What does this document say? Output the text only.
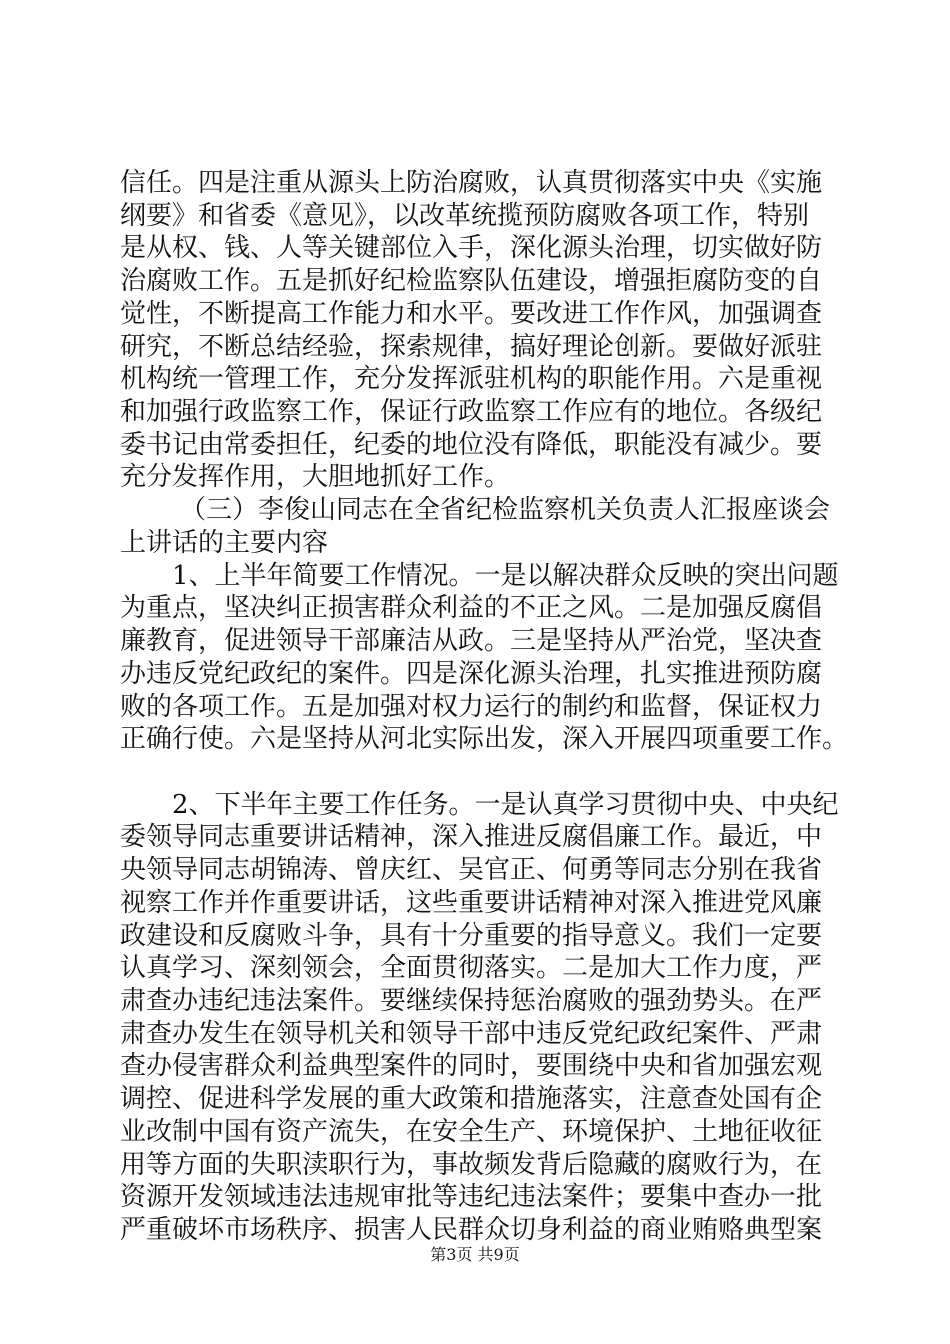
信任。四是注重从源头上防治腐败，认真贯彻落实中央《实施
纲要》和省委《意见》，以改革统揽预防腐败各项工作，特别
是从权、钱、人等关键部位入手，深化源头治理，切实做好防
治腐败工作。五是抓好纪检监察队伍建设，增强拒腐防变的自
觉性，不断提高工作能力和水平。要改进工作作风，加强调查
研究，不断总结经验，探索规律，搞好理论创新。要做好派驻
机构统一管理工作，充分发挥派驻机构的职能作用。六是重视
和加强行政监察工作，保证行政监察工作应有的地位。各级纪
委书记由常委担任，纪委的地位没有降低，职能没有减少。要
充分发挥作用，大胆地抓好工作。
（三）李俊山同志在全省纪检监察机关负责人汇报座谈会
上讲话的主要内容
1、上半年简要工作情况。一是以解决群众反映的突出问题
为重点，坚决纠正损害群众利益的不正之风。二是加强反腐倡
廉教育，促进领导干部廉洁从政。三是坚持从严治党，坚决查
办违反党纪政纪的案件。四是深化源头治理，扎实推进预防腐
败的各项工作。五是加强对权力运行的制约和监督，保证权力
正确行使。六是坚持从河北实际出发，深入开展四项重要工作。
2、下半年主要工作任务。一是认真学习贯彻中央、中央纪
委领导同志重要讲话精神，深入推进反腐倡廉工作。最近，中
央领导同志胡锦涛、曾庆红、吴官正、何勇等同志分别在我省
视察工作并作重要讲话，这些重要讲话精神对深入推进党风廉
政建设和反腐败斗争，具有十分重要的指导意义。我们一定要
认真学习、深刻领会，全面贯彻落实。二是加大工作力度，严
肃查办违纪违法案件。要继续保持惩治腐败的强劲势头。在严
肃查办发生在领导机关和领导干部中违反党纪政纪案件、严肃
查办侵害群众利益典型案件的同时，要围绕中央和省加强宏观
调控、促进科学发展的重大政策和措施落实，注意查处国有企
业改制中国有资产流失，在安全生产、环境保护、土地征收征
用等方面的失职渎职行为，事故频发背后隐藏的腐败行为，在
资源开发领域违法违规审批等违纪违法案件；要集中查办一批
严重破坏市场秩序、损害人民群众切身利益的商业贿赂典型案
第3页 共9页
